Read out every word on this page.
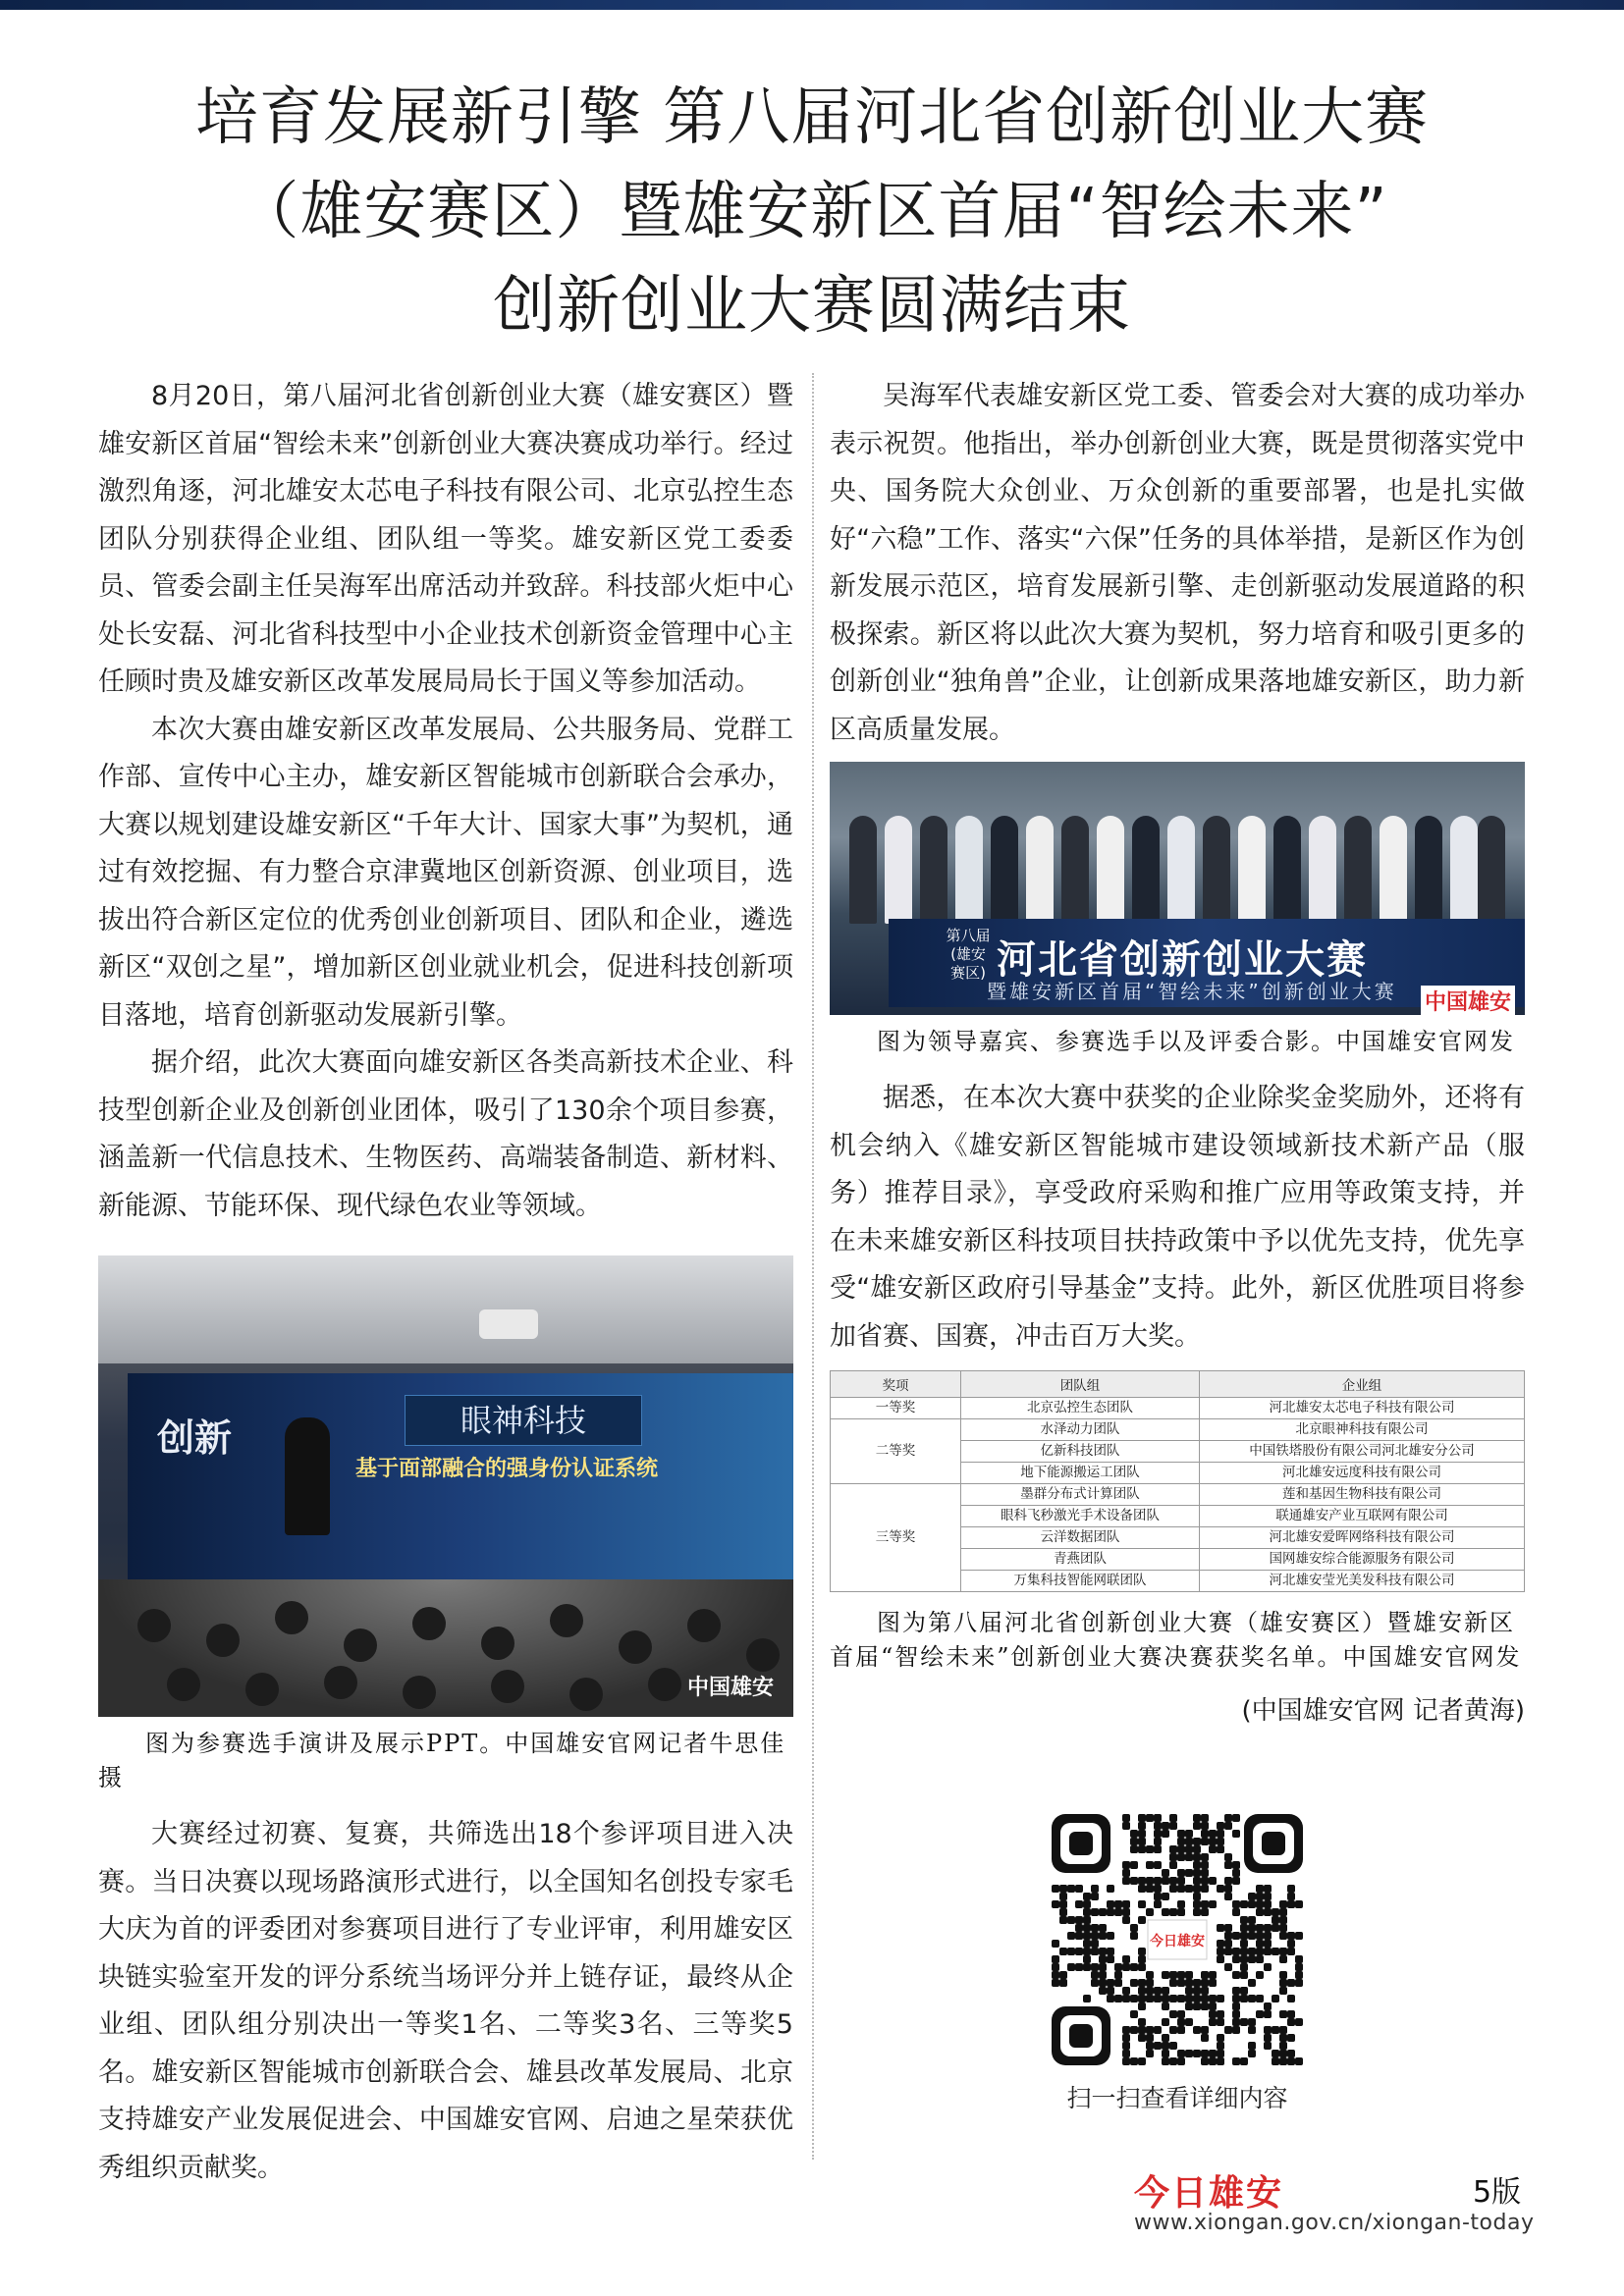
培育发展新引擎 第八届河北省创新创业大赛
（雄安赛区）暨雄安新区首届“智绘未来”
创新创业大赛圆满结束

8月20日，第八届河北省创新创业大赛（雄安赛区）暨雄安新区首届“智绘未来”创新创业大赛决赛成功举行。经过激烈角逐，河北雄安太芯电子科技有限公司、北京弘控生态团队分别获得企业组、团队组一等奖。雄安新区党工委委员、管委会副主任吴海军出席活动并致辞。科技部火炬中心处长安磊、河北省科技型中小企业技术创新资金管理中心主任顾时贵及雄安新区改革发展局局长于国义等参加活动。

本次大赛由雄安新区改革发展局、公共服务局、党群工作部、宣传中心主办，雄安新区智能城市创新联合会承办，大赛以规划建设雄安新区“千年大计、国家大事”为契机，通过有效挖掘、有力整合京津冀地区创新资源、创业项目，选拔出符合新区定位的优秀创业创新项目、团队和企业，遴选新区“双创之星”，增加新区创业就业机会，促进科技创新项目落地，培育创新驱动发展新引擎。

据介绍，此次大赛面向雄安新区各类高新技术企业、科技型创新企业及创新创业团体，吸引了130余个项目参赛，涵盖新一代信息技术、生物医药、高端装备制造、新材料、新能源、节能环保、现代绿色农业等领域。

创新	眼神科技
基于面部融合的强身份认证系统
中国雄安

图为参赛选手演讲及展示PPT。中国雄安官网记者牛思佳 摄

大赛经过初赛、复赛，共筛选出18个参评项目进入决赛。当日决赛以现场路演形式进行，以全国知名创投专家毛大庆为首的评委团对参赛项目进行了专业评审，利用雄安区块链实验室开发的评分系统当场评分并上链存证，最终从企业组、团队组分别决出一等奖1名、二等奖3名、三等奖5名。雄安新区智能城市创新联合会、雄县改革发展局、北京支持雄安产业发展促进会、中国雄安官网、启迪之星荣获优秀组织贡献奖。

吴海军代表雄安新区党工委、管委会对大赛的成功举办表示祝贺。他指出，举办创新创业大赛，既是贯彻落实党中央、国务院大众创业、万众创新的重要部署，也是扎实做好“六稳”工作、落实“六保”任务的具体举措，是新区作为创新发展示范区，培育发展新引擎、走创新驱动发展道路的积极探索。新区将以此次大赛为契机，努力培育和吸引更多的创新创业“独角兽”企业，让创新成果落地雄安新区，助力新区高质量发展。

第八届(雄安赛区) 河北省创新创业大赛
暨雄安新区首届“智绘未来”创新创业大赛 中国雄安

图为领导嘉宾、参赛选手以及评委合影。中国雄安官网发

据悉，在本次大赛中获奖的企业除奖金奖励外，还将有机会纳入《雄安新区智能城市建设领域新技术新产品（服务）推荐目录》，享受政府采购和推广应用等政策支持，并在未来雄安新区科技项目扶持政策中予以优先支持，优先享受“雄安新区政府引导基金”支持。此外，新区优胜项目将参加省赛、国赛，冲击百万大奖。

奖项	团队组	企业组
一等奖	北京弘控生态团队	河北雄安太芯电子科技有限公司
二等奖	水泽动力团队	北京眼神科技有限公司
	亿新科技团队	中国铁塔股份有限公司河北雄安分公司
	地下能源搬运工团队	河北雄安远度科技有限公司
三等奖	墨群分布式计算团队	莲和基因生物科技有限公司
	眼科飞秒激光手术设备团队	联通雄安产业互联网有限公司
	云洋数据团队	河北雄安爱晖网络科技有限公司
	青燕团队	国网雄安综合能源服务有限公司
	万集科技智能网联团队	河北雄安莹光美发科技有限公司

图为第八届河北省创新创业大赛（雄安赛区）暨雄安新区首届“智绘未来”创新创业大赛决赛获奖名单。中国雄安官网发

(中国雄安官网 记者黄海)

今日雄安
扫一扫查看详细内容
今日雄安	5版
www.xiongan.gov.cn/xiongan-today
